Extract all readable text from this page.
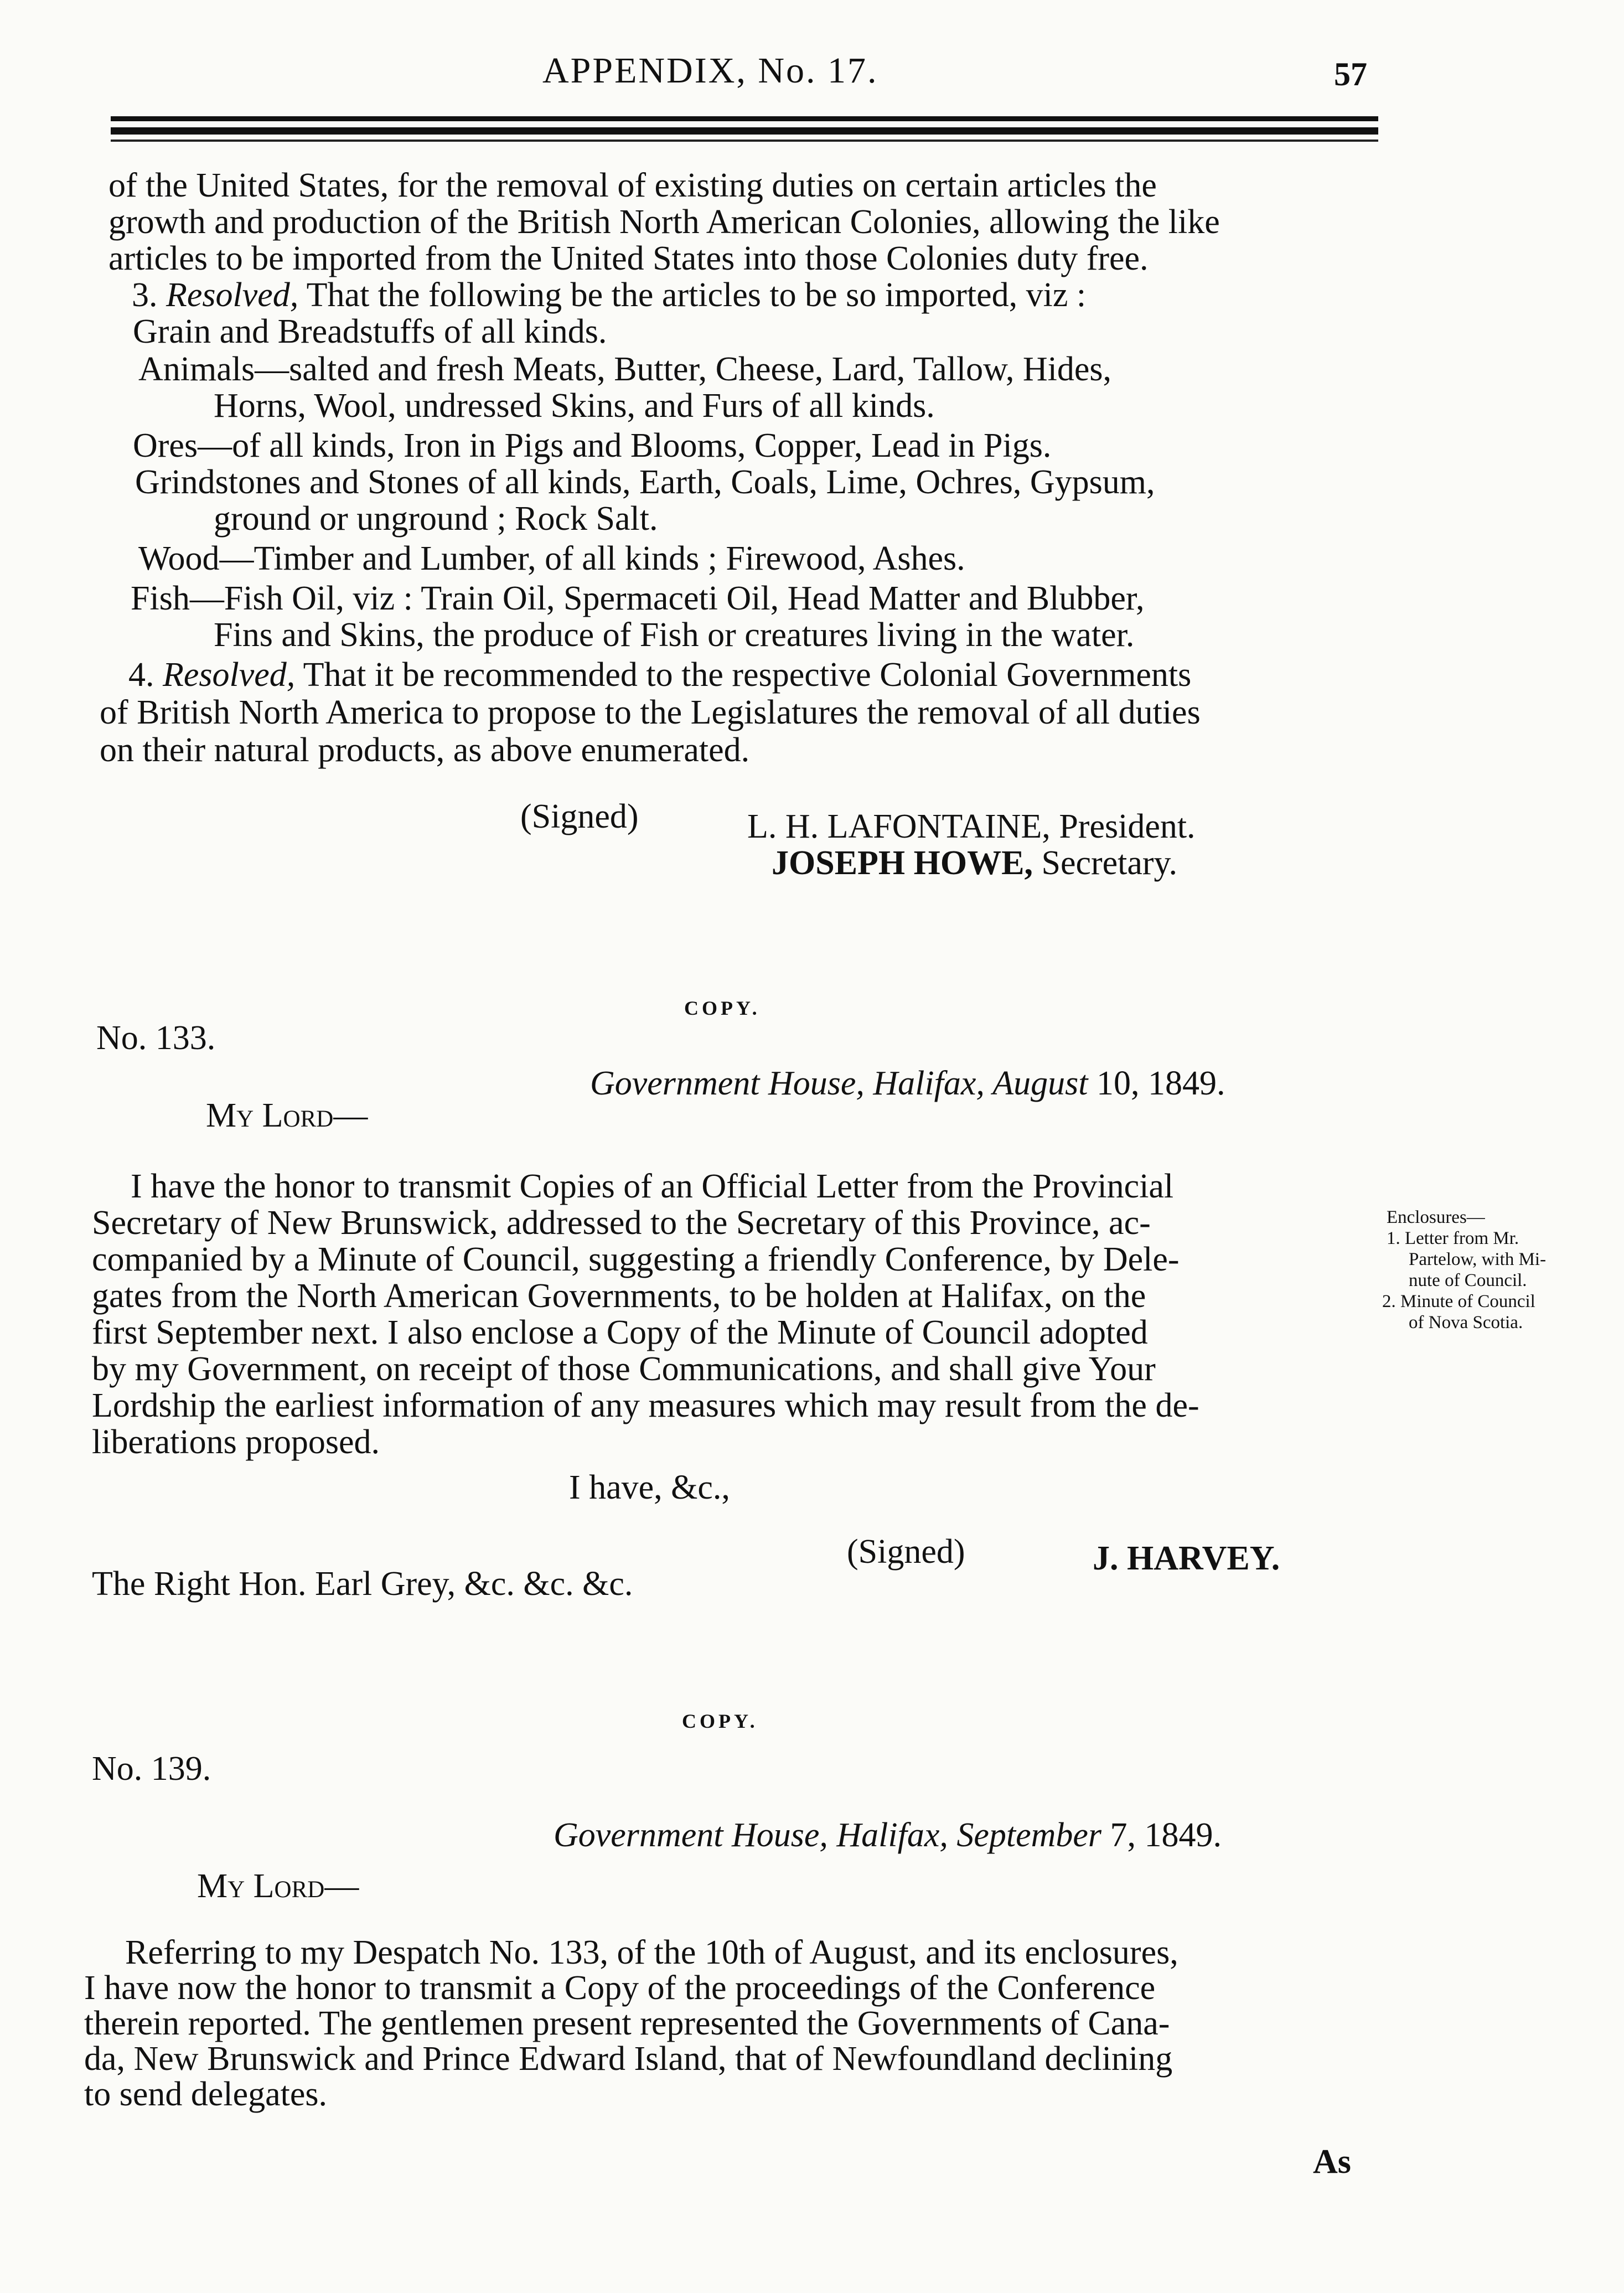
APPENDIX, No. 17.	57
of the United States, for the removal of existing duties on certain articles the
growth and production of the British North American Colonies, allowing the like
articles to be imported from the United States into those Colonies duty free.
3. Resolved, That the following be the articles to be so imported, viz :
Grain and Breadstuffs of all kinds.
Animals—salted and fresh Meats, Butter, Cheese, Lard, Tallow, Hides,
Horns, Wool, undressed Skins, and Furs of all kinds.
Ores—of all kinds, Iron in Pigs and Blooms, Copper, Lead in Pigs.
Grindstones and Stones of all kinds, Earth, Coals, Lime, Ochres, Gypsum,
ground or unground ; Rock Salt.
Wood—Timber and Lumber, of all kinds ; Firewood, Ashes.
Fish—Fish Oil, viz : Train Oil, Spermaceti Oil, Head Matter and Blubber,
Fins and Skins, the produce of Fish or creatures living in the water.
4. Resolved, That it be recommended to the respective Colonial Governments
of British North America to propose to the Legislatures the removal of all duties
on their natural products, as above enumerated.
(Signed)	L. H. LAFONTAINE, President.
JOSEPH HOWE, Secretary.
COPY.
No. 133.
Government House, Halifax, August 10, 1849.
My Lord—
I have the honor to transmit Copies of an Official Letter from the Provincial
Secretary of New Brunswick, addressed to the Secretary of this Province, ac-
companied by a Minute of Council, suggesting a friendly Conference, by Dele-
gates from the North American Governments, to be holden at Halifax, on the
first September next. I also enclose a Copy of the Minute of Council adopted
by my Government, on receipt of those Communications, and shall give Your
Lordship the earliest information of any measures which may result from the de-
liberations proposed.
I have, &c.,
(Signed)	J. HARVEY.
The Right Hon. Earl Grey, &c. &c. &c.
Enclosures—
1. Letter from Mr.
Partelow, with Mi-
nute of Council.
2. Minute of Council
of Nova Scotia.
COPY.
No. 139.
Government House, Halifax, September 7, 1849.
My Lord—
Referring to my Despatch No. 133, of the 10th of August, and its enclosures,
I have now the honor to transmit a Copy of the proceedings of the Conference
therein reported. The gentlemen present represented the Governments of Cana-
da, New Brunswick and Prince Edward Island, that of Newfoundland declining
to send delegates.
As
